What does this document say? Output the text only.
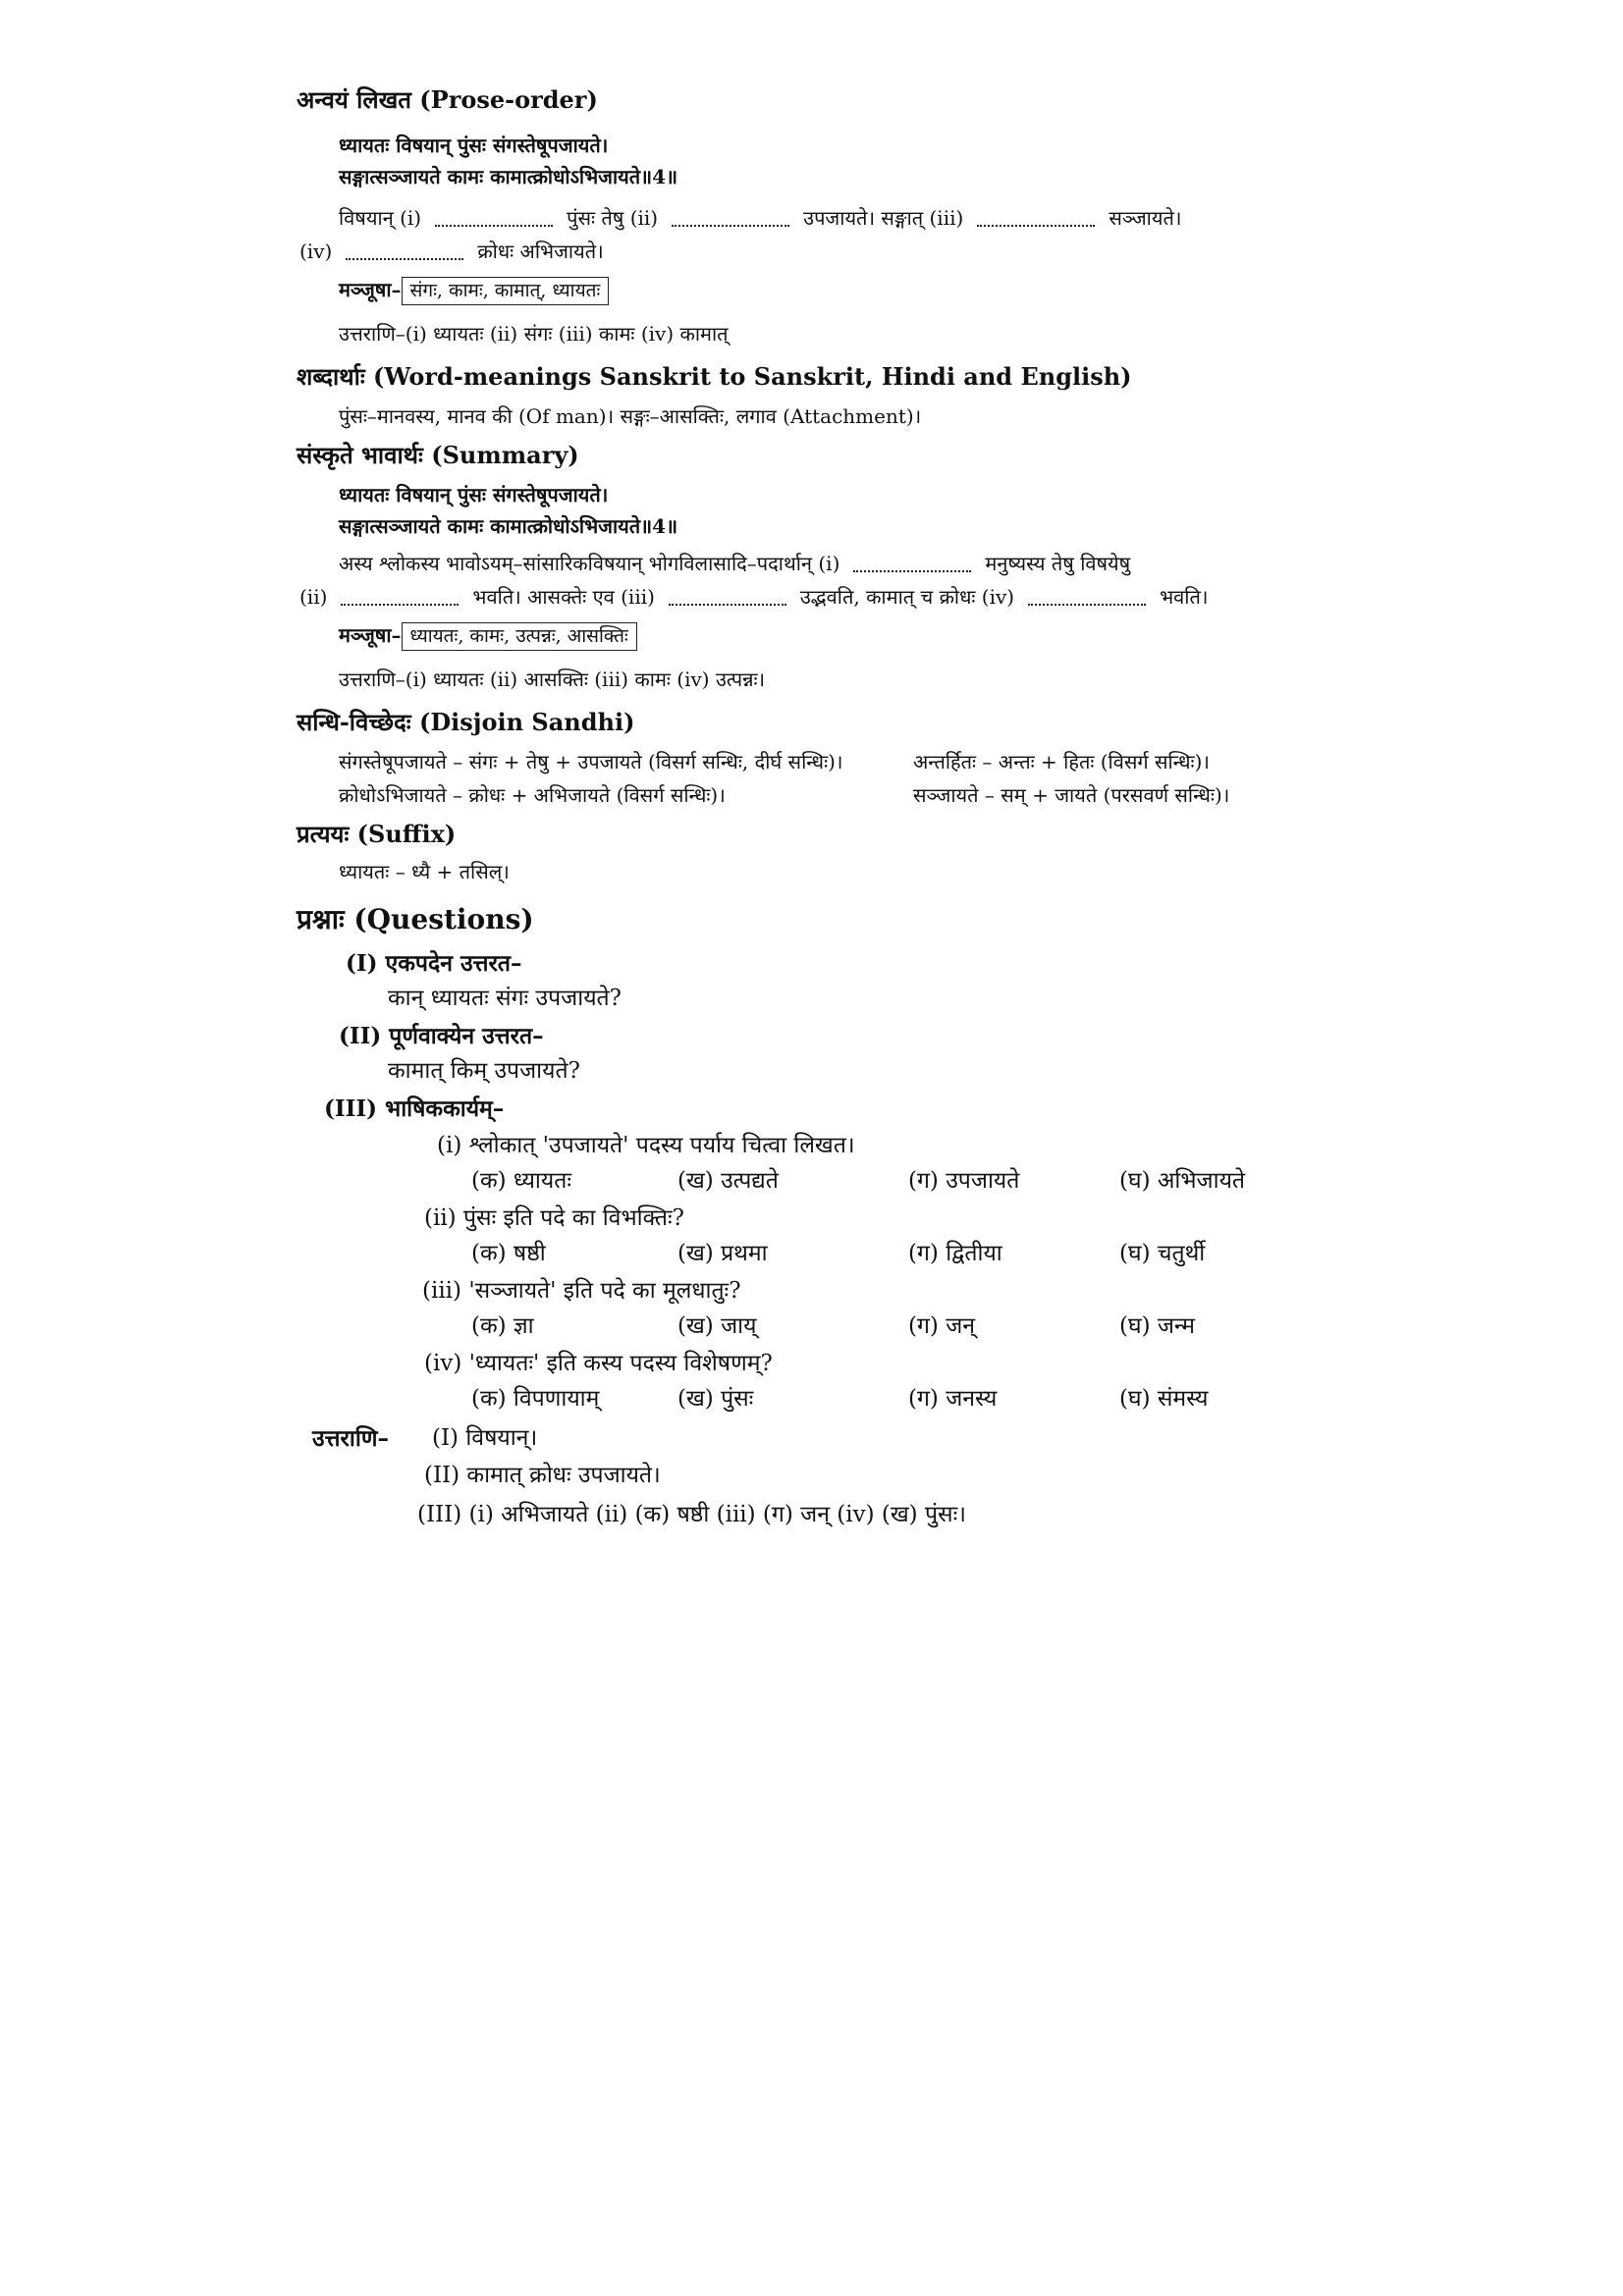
अन्वयं लिखत (Prose-order)
ध्यायतः विषयान् पुंसः संगस्तेषूपजायते।
सङ्गात्सञ्जायते कामः कामात्क्रोधोऽभिजायते॥4॥
विषयान् (i)	पुंसः तेषु (ii)	उपजायते। सङ्गात् (iii)	सञ्जायते।
(iv)	क्रोधः अभिजायते।
मञ्जूषा– संगः, कामः, कामात्, ध्यायतः
उत्तराणि–(i) ध्यायतः (ii) संगः (iii) कामः (iv) कामात्
शब्दार्थाः (Word-meanings Sanskrit to Sanskrit, Hindi and English)
पुंसः–मानवस्य, मानव की (Of man)। सङ्गः–आसक्तिः, लगाव (Attachment)।
संस्कृते भावार्थः (Summary)
ध्यायतः विषयान् पुंसः संगस्तेषूपजायते।
सङ्गात्सञ्जायते कामः कामात्क्रोधोऽभिजायते॥4॥
अस्य श्लोकस्य भावोऽयम्–सांसारिकविषयान् भोगविलासादि–पदार्थान् (i)	मनुष्यस्य तेषु विषयेषु
(ii)	भवति। आसक्तेः एव (iii)	उद्भवति, कामात् च क्रोधः (iv)	भवति।
मञ्जूषा– ध्यायतः, कामः, उत्पन्नः, आसक्तिः
उत्तराणि–(i) ध्यायतः (ii) आसक्तिः (iii) कामः (iv) उत्पन्नः।
सन्धि-विच्छेदः (Disjoin Sandhi)
संगस्तेषूपजायते – संगः + तेषु + उपजायते (विसर्ग सन्धिः, दीर्घ सन्धिः)।	अन्तर्हितः – अन्तः + हितः (विसर्ग सन्धिः)।
क्रोधोऽभिजायते – क्रोधः + अभिजायते (विसर्ग सन्धिः)।	सञ्जायते – सम् + जायते (परसवर्ण सन्धिः)।
प्रत्ययः (Suffix)
ध्यायतः – ध्यै + तसिल्।
प्रश्नाः (Questions)
(I) एकपदेन उत्तरत–
कान् ध्यायतः संगः उपजायते?
(II) पूर्णवाक्येन उत्तरत–
कामात् किम् उपजायते?
(III) भाषिककार्यम्–
(i) श्लोकात् 'उपजायते' पदस्य पर्याय चित्वा लिखत।
(क) ध्यायतः	(ख) उत्पद्यते	(ग) उपजायते	(घ) अभिजायते
(ii) पुंसः इति पदे का विभक्तिः?
(क) षष्ठी	(ख) प्रथमा	(ग) द्वितीया	(घ) चतुर्थी
(iii) 'सञ्जायते' इति पदे का मूलधातुः?
(क) ज्ञा	(ख) जाय्	(ग) जन्	(घ) जन्म
(iv) 'ध्यायतः' इति कस्य पदस्य विशेषणम्?
(क) विपणायाम्	(ख) पुंसः	(ग) जनस्य	(घ) संमस्य
उत्तराणि– (I) विषयान्।
(II) कामात् क्रोधः उपजायते।
(III) (i) अभिजायते (ii) (क) षष्ठी (iii) (ग) जन् (iv) (ख) पुंसः।
